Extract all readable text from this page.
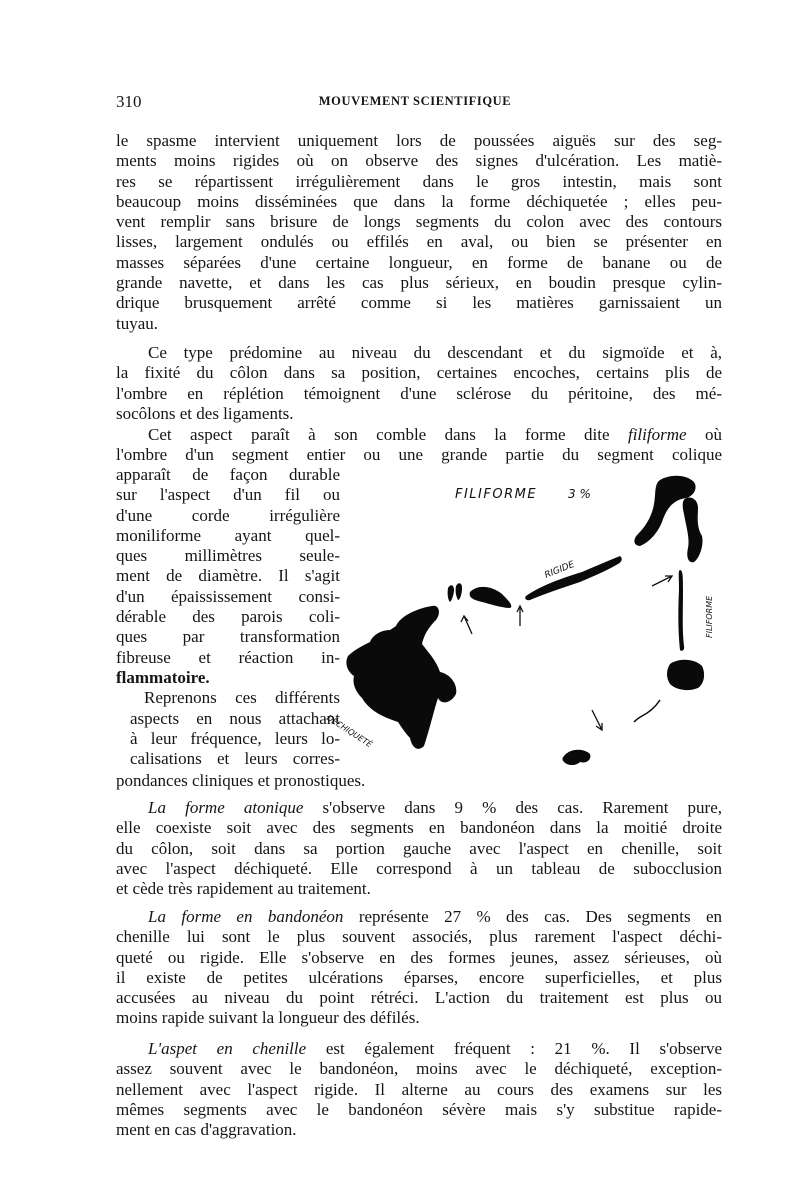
310	MOUVEMENT SCIENTIFIQUE

le spasme intervient uniquement lors de poussées aiguës sur des seg-
ments moins rigides où on observe des signes d'ulcération. Les matiè-
res se répartissent irrégulièrement dans le gros intestin, mais sont
beaucoup moins disséminées que dans la forme déchiquetée ; elles peu-
vent remplir sans brisure de longs segments du colon avec des contours
lisses, largement ondulés ou effilés en aval, ou bien se présenter en
masses séparées d'une certaine longueur, en forme de banane ou de
grande navette, et dans les cas plus sérieux, en boudin presque cylin-
drique brusquement arrêté comme si les matières garnissaient un
tuyau.

Ce type prédomine au niveau du descendant et du sigmoïde et à,
la fixité du côlon dans sa position, certaines encoches, certains plis de
l'ombre en réplétion témoignent d'une sclérose du péritoine, des mé-
socôlons et des ligaments.

Cet aspect paraît à son comble dans la forme dite filiforme où
l'ombre d'un segment entier ou une grande partie du segment colique

apparaît de façon durable
sur l'aspect d'un fil ou
d'une corde irrégulière
moniliforme ayant quel-
ques millimètres seule-
ment de diamètre. Il s'agit
d'un épaississement consi-
dérable des parois coli-
ques par transformation
fibreuse et réaction in-
flammatoire.
Reprenons ces différents
aspects en nous attachant
à leur fréquence, leurs lo-
calisations et leurs corres-
pondances cliniques et pronostiques.
FILIFORME	3 %
RIGIDE
FILIFORME
DÉCHIQUETÉ

La forme atonique s'observe dans 9 % des cas. Rarement pure,
elle coexiste soit avec des segments en bandonéon dans la moitié droite
du côlon, soit dans sa portion gauche avec l'aspect en chenille, soit
avec l'aspect déchiqueté. Elle correspond à un tableau de subocclusion
et cède très rapidement au traitement.

La forme en bandonéon représente 27 % des cas. Des segments en
chenille lui sont le plus souvent associés, plus rarement l'aspect déchi-
queté ou rigide. Elle s'observe en des formes jeunes, assez sérieuses, où
il existe de petites ulcérations éparses, encore superficielles, et plus
accusées au niveau du point rétréci. L'action du traitement est plus ou
moins rapide suivant la longueur des défilés.

L'aspet en chenille est également fréquent : 21 %. Il s'observe
assez souvent avec le bandonéon, moins avec le déchiqueté, exception-
nellement avec l'aspect rigide. Il alterne au cours des examens sur les
mêmes segments avec le bandonéon sévère mais s'y substitue rapide-
ment en cas d'aggravation.
